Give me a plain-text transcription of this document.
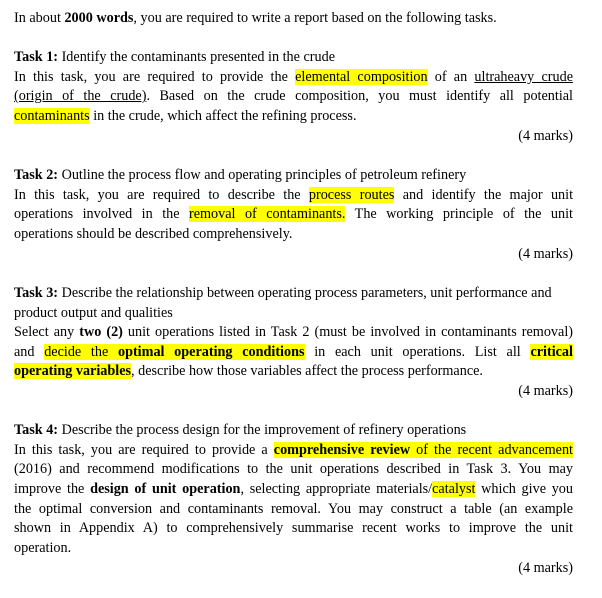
In about 2000 words, you are required to write a report based on the following tasks.
Task 1: Identify the contaminants presented in the crude
In this task, you are required to provide the elemental composition of an ultraheavy crude
(origin of the crude). Based on the crude composition, you must identify all potential
contaminants in the crude, which affect the refining process.
(4 marks)
Task 2: Outline the process flow and operating principles of petroleum refinery
In this task, you are required to describe the process routes and identify the major unit
operations involved in the removal of contaminants. The working principle of the unit
operations should be described comprehensively.
(4 marks)
Task 3: Describe the relationship between operating process parameters, unit performance and
product output and qualities
Select any two (2) unit operations listed in Task 2 (must be involved in contaminants removal)
and decide the optimal operating conditions in each unit operations. List all critical
operating variables, describe how those variables affect the process performance.
(4 marks)
Task 4: Describe the process design for the improvement of refinery operations
In this task, you are required to provide a comprehensive review of the recent advancement
(2016) and recommend modifications to the unit operations described in Task 3. You may
improve the design of unit operation, selecting appropriate materials/catalyst which give you
the optimal conversion and contaminants removal. You may construct a table (an example
shown in Appendix A) to comprehensively summarise recent works to improve the unit
operation.
(4 marks)
